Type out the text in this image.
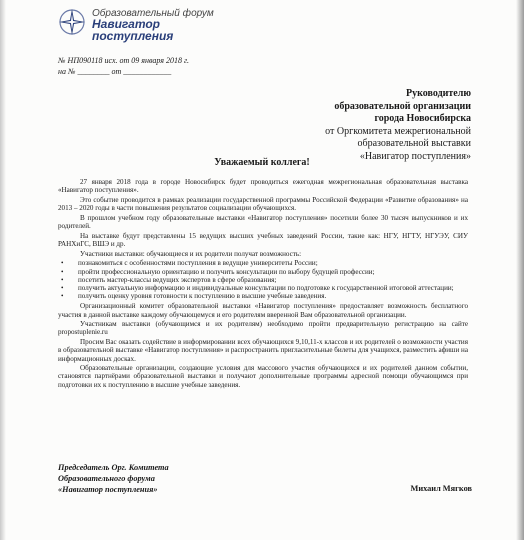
Образовательный форум
Навигатор
поступления
№ НП090118 исх. от 09 января 2018 г.
на № ________ от ____________
Руководителю
образовательной организации
города Новосибирска
от Оргкомитета межрегиональной
образовательной выставки
«Навигатор поступления»
Уважаемый коллега!

27 января 2018 года в городе Новосибирск будет проводиться ежегодная межрегиональная образовательная выставка «Навигатор поступления».

Это событие проводится в рамках реализации государственной программы Российской Федерации «Развитие образования» на 2013 – 2020 годы в части повышения результатов социализации обучающихся.

В прошлом учебном году образовательные выставки «Навигатор поступления» посетили более 30 тысяч выпускников и их родителей.

На выставке будут представлены 15 ведущих высших учебных заведений России, такие как: НГУ, НГТУ, НГУЭУ, СИУ РАНХиГС, ВШЭ и др.

Участники выставки: обучающиеся и их родители получат возможность:

• познакомиться с особенностями поступления в ведущие университеты России;
• пройти профессиональную ориентацию и получить консультации по выбору будущей профессии;
• посетить мастер-классы ведущих экспертов в сфере образования;
• получить актуальную информацию и индивидуальные консультации по подготовке к государственной итоговой аттестации;
• получить оценку уровня готовности к поступлению в высшие учебные заведения.

Организационный комитет образовательной выставки «Навигатор поступления» предоставляет возможность бесплатного участия в данной выставке каждому обучающемуся и его родителям вверенной Вам образовательной организации.

Участникам выставки (обучающимся и их родителям) необходимо пройти предварительную регистрацию на сайте propostuplenie.ru

Просим Вас оказать содействие в информировании всех обучающихся 9,10,11-х классов и их родителей о возможности участия в образовательной выставке «Навигатор поступления» и распространить пригласительные билеты для учащихся, разместить афиши на информационных досках.

Образовательные организации, создающие условия для массового участия обучающихся и их родителей данном событии, становятся партнёрами образовательной выставки и получают дополнительные программы адресной помощи обучающимся при подготовки их к поступлению в высшие учебные заведения.

Председатель Орг. Комитета
Образовательного форума
«Навигатор поступления»	Михаил Мягков
